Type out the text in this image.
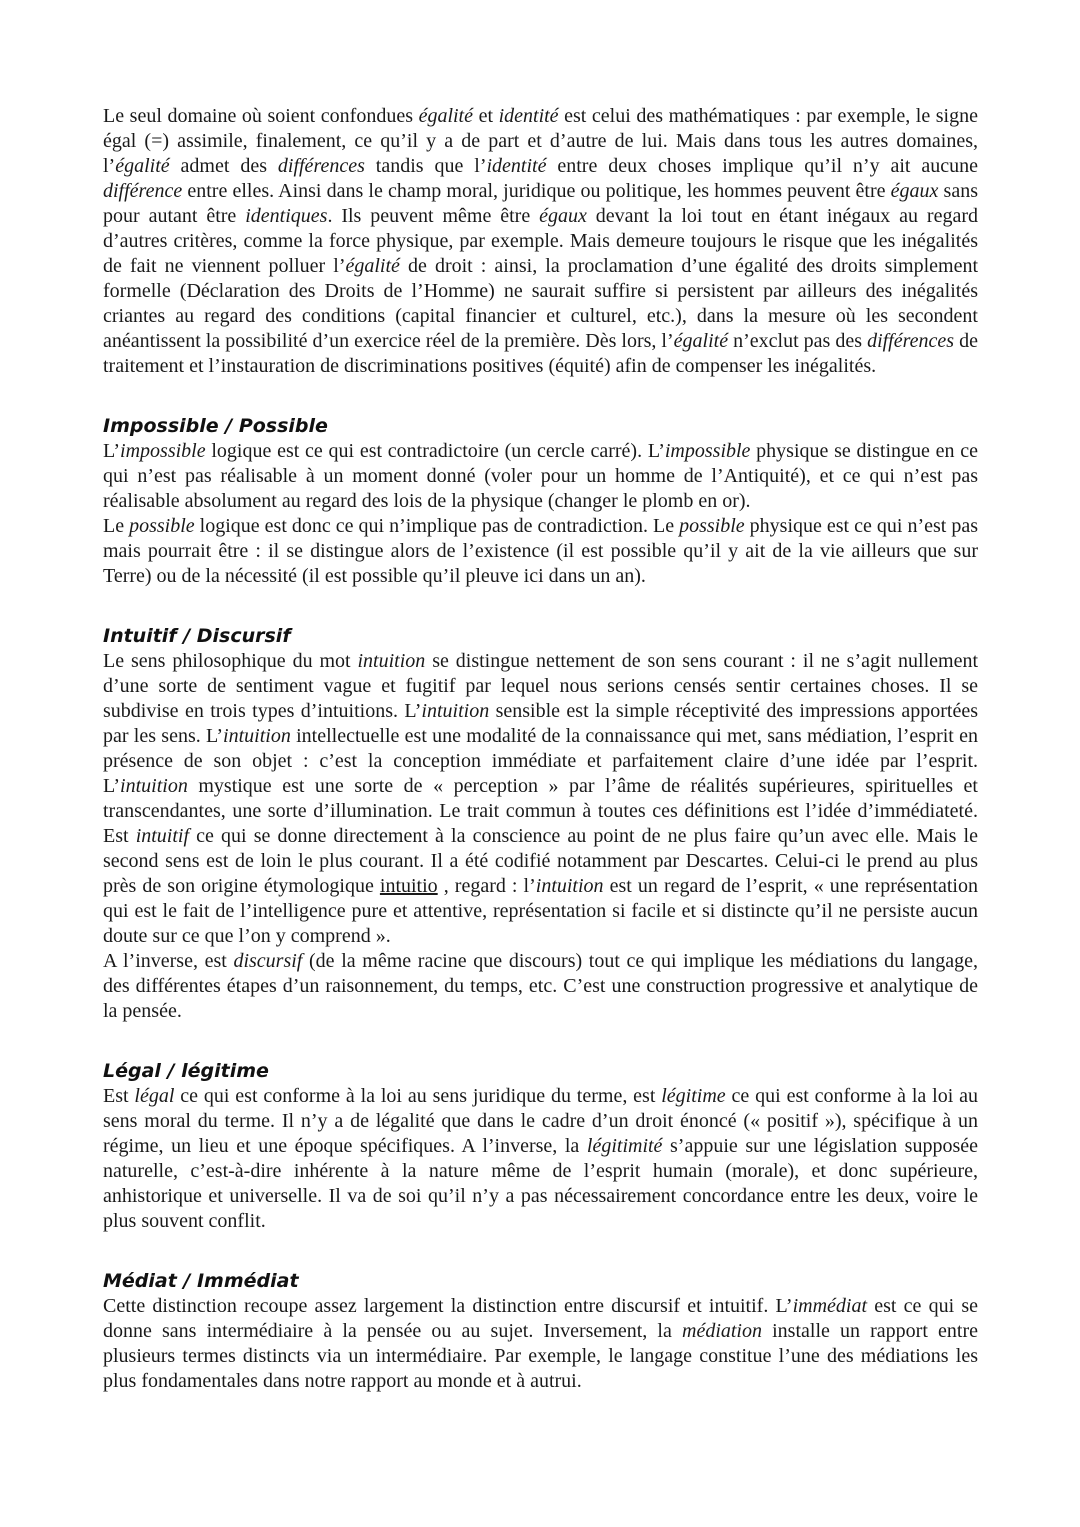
Le seul domaine où soient confondues égalité et identité est celui des mathématiques : par exemple, le signe égal (=) assimile, finalement, ce qu’il y a de part et d’autre de lui. Mais dans tous les autres domaines, l’égalité admet des différences tandis que l’identité entre deux choses implique qu’il n’y ait aucune différence entre elles. Ainsi dans le champ moral, juridique ou politique, les hommes peuvent être égaux sans pour autant être identiques. Ils peuvent même être égaux devant la loi tout en étant inégaux au regard d’autres critères, comme la force physique, par exemple. Mais demeure toujours le risque que les inégalités de fait ne viennent polluer l’égalité de droit : ainsi, la proclamation d’une égalité des droits simplement formelle (Déclaration des Droits de l’Homme) ne saurait suffire si persistent par ailleurs des inégalités criantes au regard des conditions (capital financier et culturel, etc.), dans la mesure où les secondent anéantissent la possibilité d’un exercice réel de la première. Dès lors, l’égalité n’exclut pas des différences de traitement et l’instauration de discriminations positives (équité) afin de compenser les inégalités.

Impossible / Possible

L’impossible logique est ce qui est contradictoire (un cercle carré). L’impossible physique se distingue en ce qui n’est pas réalisable à un moment donné (voler pour un homme de l’Antiquité), et ce qui n’est pas réalisable absolument au regard des lois de la physique (changer le plomb en or).

Le possible logique est donc ce qui n’implique pas de contradiction. Le possible physique est ce qui n’est pas mais pourrait être : il se distingue alors de l’existence (il est possible qu’il y ait de la vie ailleurs que sur Terre) ou de la nécessité (il est possible qu’il pleuve ici dans un an).

Intuitif / Discursif

Le sens philosophique du mot intuition se distingue nettement de son sens courant : il ne s’agit nullement d’une sorte de sentiment vague et fugitif par lequel nous serions censés sentir certaines choses. Il se subdivise en trois types d’intuitions. L’intuition sensible est la simple réceptivité des impressions apportées par les sens. L’intuition intellectuelle est une modalité de la connaissance qui met, sans médiation, l’esprit en présence de son objet : c’est la conception immédiate et parfaitement claire d’une idée par l’esprit. L’intuition mystique est une sorte de « perception » par l’âme de réalités supérieures, spirituelles et transcendantes, une sorte d’illumination. Le trait commun à toutes ces définitions est l’idée d’immédiateté. Est intuitif ce qui se donne directement à la conscience au point de ne plus faire qu’un avec elle. Mais le second sens est de loin le plus courant. Il a été codifié notamment par Descartes. Celui-ci le prend au plus près de son origine étymologique intuitio , regard : l’intuition est un regard de l’esprit, « une représentation qui est le fait de l’intelligence pure et attentive, représentation si facile et si distincte qu’il ne persiste aucun doute sur ce que l’on y comprend ».

A l’inverse, est discursif (de la même racine que discours) tout ce qui implique les médiations du langage, des différentes étapes d’un raisonnement, du temps, etc. C’est une construction progressive et analytique de la pensée.

Légal / légitime

Est légal ce qui est conforme à la loi au sens juridique du terme, est légitime ce qui est conforme à la loi au sens moral du terme. Il n’y a de légalité que dans le cadre d’un droit énoncé (« positif »), spécifique à un régime, un lieu et une époque spécifiques. A l’inverse, la légitimité s’appuie sur une législation supposée naturelle, c’est-à-dire inhérente à la nature même de l’esprit humain (morale), et donc supérieure, anhistorique et universelle. Il va de soi qu’il n’y a pas nécessairement concordance entre les deux, voire le plus souvent conflit.

Médiat / Immédiat

Cette distinction recoupe assez largement la distinction entre discursif et intuitif. L’immédiat est ce qui se donne sans intermédiaire à la pensée ou au sujet. Inversement, la médiation installe un rapport entre plusieurs termes distincts via un intermédiaire. Par exemple, le langage constitue l’une des médiations les plus fondamentales dans notre rapport au monde et à autrui.
